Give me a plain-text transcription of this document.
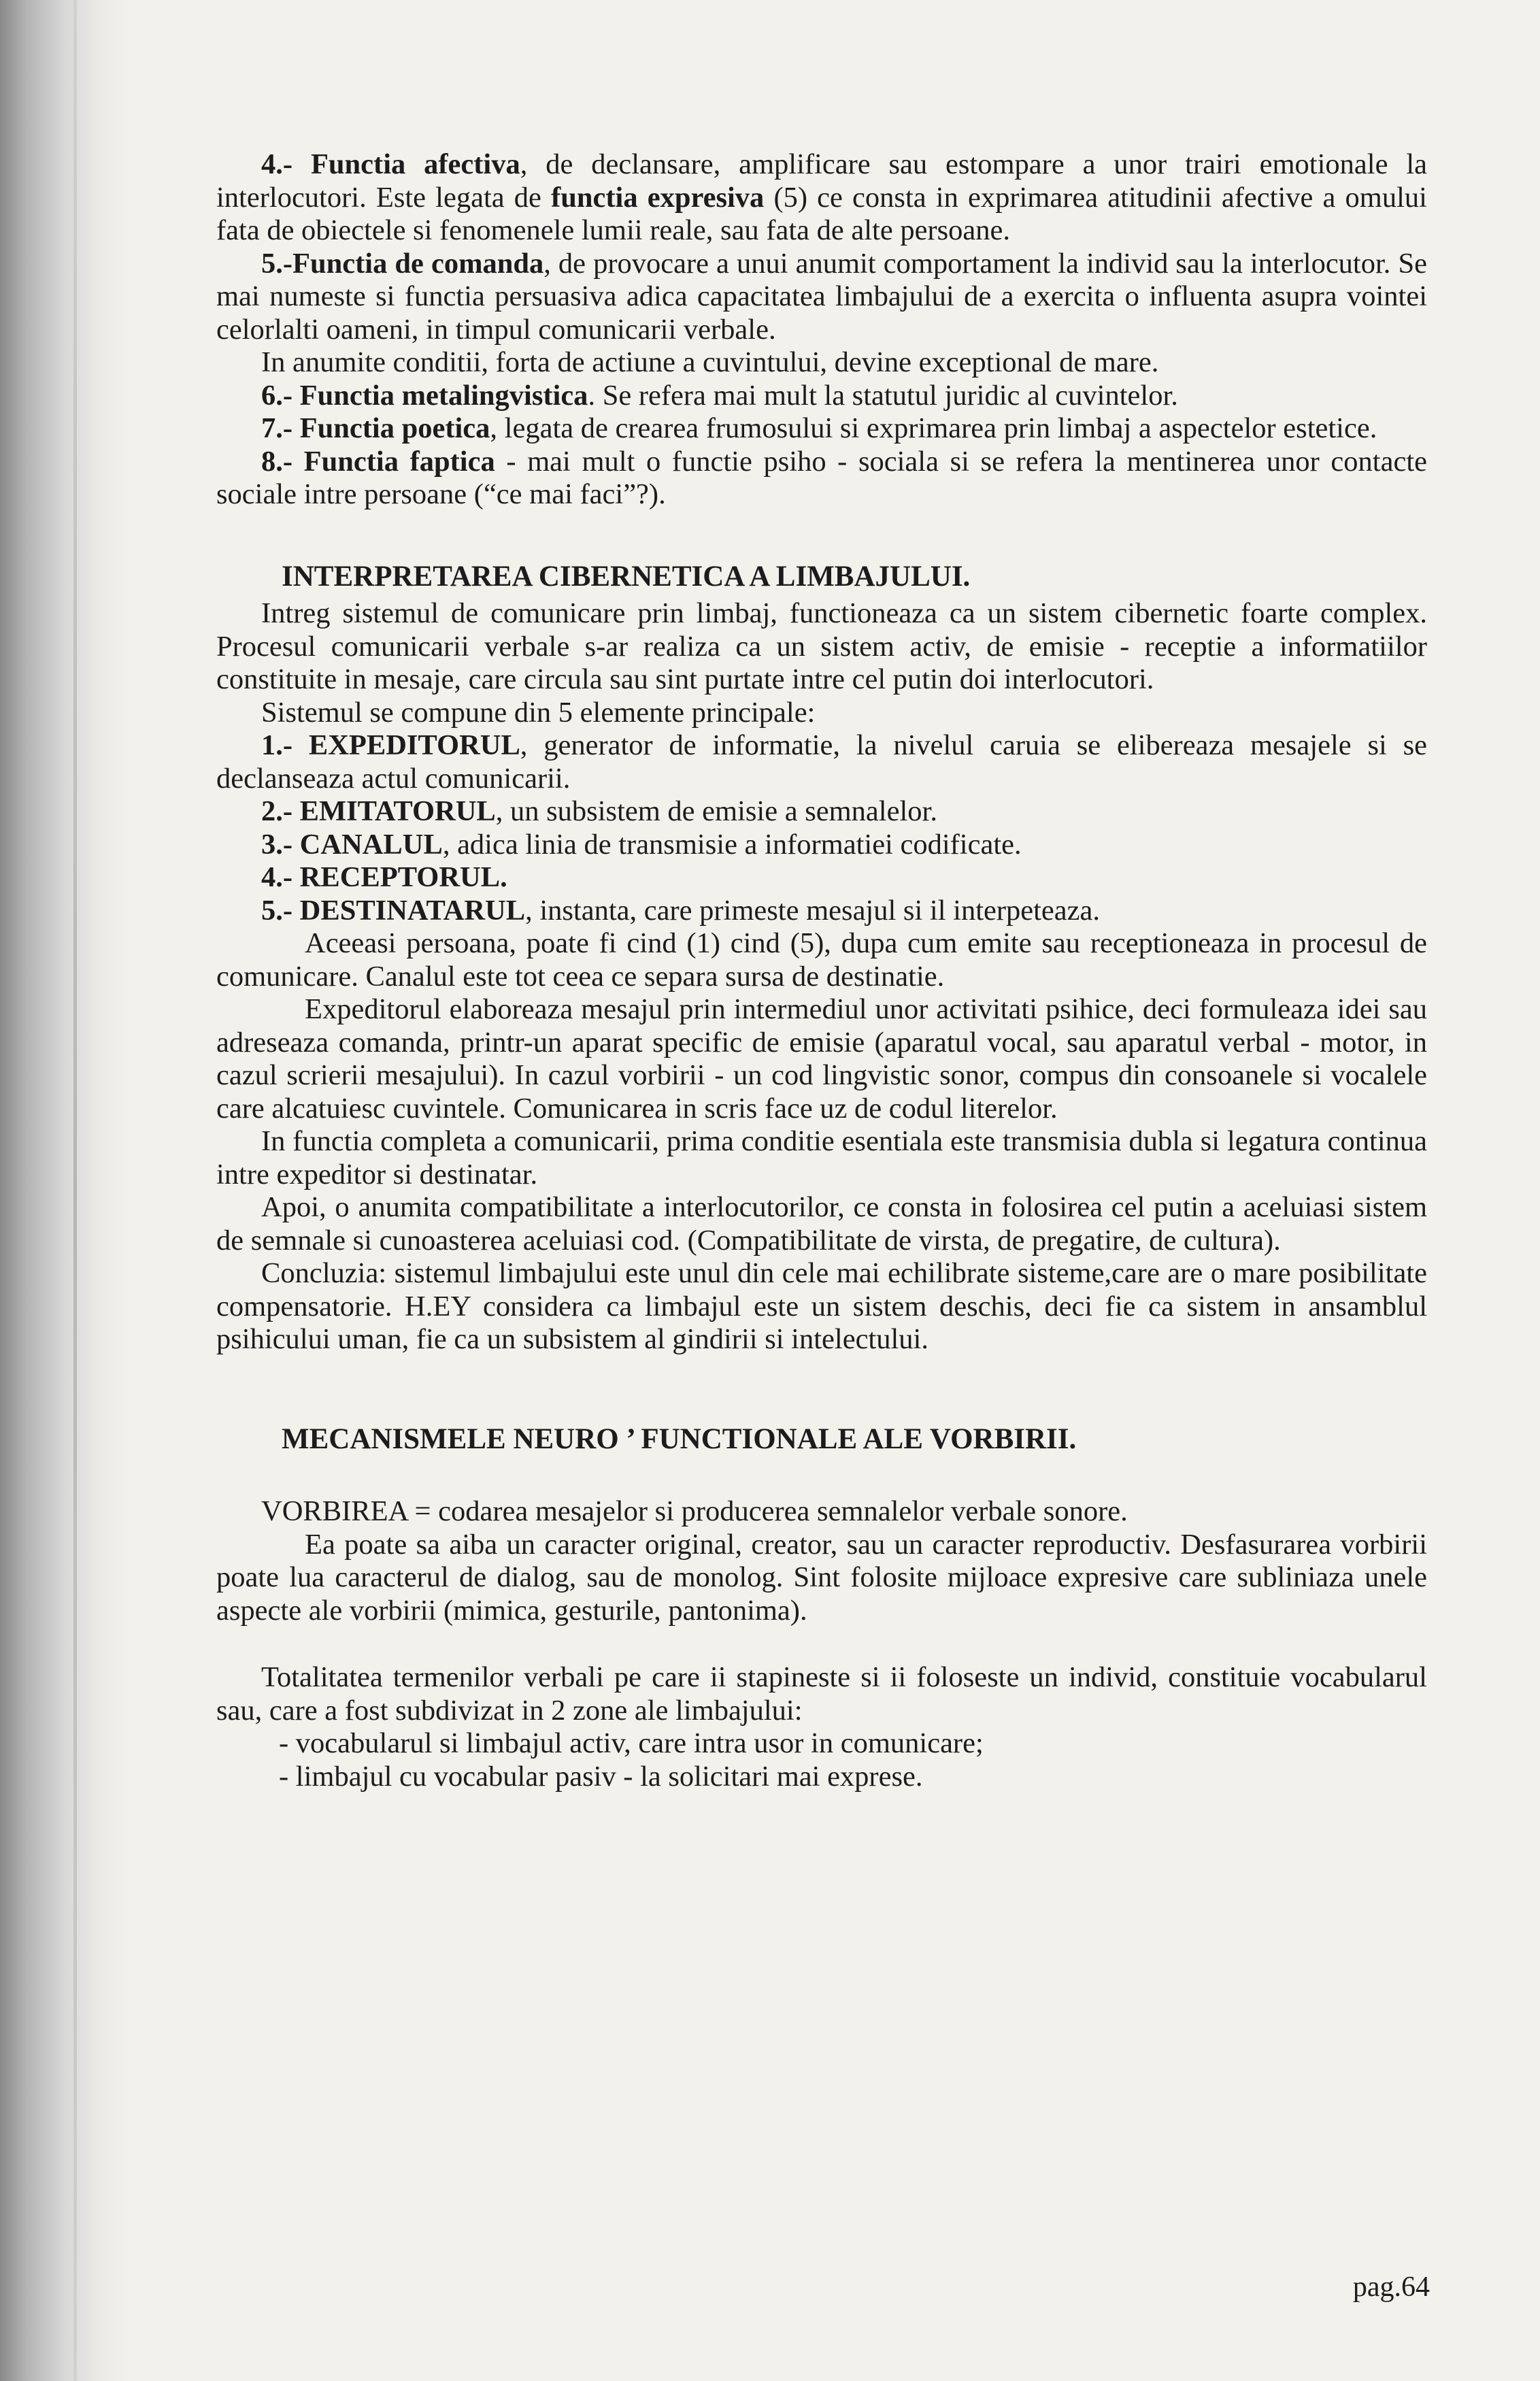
4.- Functia afectiva, de declansare, amplificare sau estompare a unor trairi emotionale la interlocutori. Este legata de functia expresiva (5) ce consta in exprimarea atitudinii afective a omului fata de obiectele si fenomenele lumii reale, sau fata de alte persoane.

5.-Functia de comanda, de provocare a unui anumit comportament la individ sau la interlocutor. Se mai numeste si functia persuasiva adica capacitatea limbajului de a exercita o influenta asupra vointei celorlalti oameni, in timpul comunicarii verbale.

In anumite conditii, forta de actiune a cuvintului, devine exceptional de mare.

6.- Functia metalingvistica. Se refera mai mult la statutul juridic al cuvintelor.

7.- Functia poetica, legata de crearea frumosului si exprimarea prin limbaj a aspectelor estetice.

8.- Functia faptica - mai mult o functie psiho - sociala si se refera la mentinerea unor contacte sociale intre persoane (“ce mai faci”?).

INTERPRETAREA CIBERNETICA A LIMBAJULUI.

Intreg sistemul de comunicare prin limbaj, functioneaza ca un sistem cibernetic foarte complex. Procesul comunicarii verbale s-ar realiza ca un sistem activ, de emisie - receptie a informatiilor constituite in mesaje, care circula sau sint purtate intre cel putin doi interlocutori.

Sistemul se compune din 5 elemente principale:

1.- EXPEDITORUL, generator de informatie, la nivelul caruia se elibereaza mesajele si se declanseaza actul comunicarii.

2.- EMITATORUL, un subsistem de emisie a semnalelor.

3.- CANALUL, adica linia de transmisie a informatiei codificate.

4.- RECEPTORUL.

5.- DESTINATARUL, instanta, care primeste mesajul si il interpeteaza.

Aceeasi persoana, poate fi cind (1) cind (5), dupa cum emite sau receptioneaza in procesul de comunicare. Canalul este tot ceea ce separa sursa de destinatie.

Expeditorul elaboreaza mesajul prin intermediul unor activitati psihice, deci formuleaza idei sau adreseaza comanda, printr-un aparat specific de emisie (aparatul vocal, sau aparatul verbal - motor, in cazul scrierii mesajului). In cazul vorbirii - un cod lingvistic sonor, compus din consoanele si vocalele care alcatuiesc cuvintele. Comunicarea in scris face uz de codul literelor.

In functia completa a comunicarii, prima conditie esentiala este transmisia dubla si legatura continua intre expeditor si destinatar.

Apoi, o anumita compatibilitate a interlocutorilor, ce consta in folosirea cel putin a aceluiasi sistem de semnale si cunoasterea aceluiasi cod. (Compatibilitate de virsta, de pregatire, de cultura).

Concluzia: sistemul limbajului este unul din cele mai echilibrate sisteme,care are o mare posibilitate compensatorie. H.EY considera ca limbajul este un sistem deschis, deci fie ca sistem in ansamblul psihicului uman, fie ca un subsistem al gindirii si intelectului.

MECANISMELE NEURO ’ FUNCTIONALE ALE VORBIRII.

VORBIREA = codarea mesajelor si producerea semnalelor verbale sonore.

Ea poate sa aiba un caracter original, creator, sau un caracter reproductiv. Desfasurarea vorbirii poate lua caracterul de dialog, sau de monolog. Sint folosite mijloace expresive care subliniaza unele aspecte ale vorbirii (mimica, gesturile, pantonima).

Totalitatea termenilor verbali pe care ii stapineste si ii foloseste un individ, constituie vocabularul sau, care a fost subdivizat in 2 zone ale limbajului:

- vocabularul si limbajul activ, care intra usor in comunicare;

- limbajul cu vocabular pasiv - la solicitari mai exprese.

pag.64
